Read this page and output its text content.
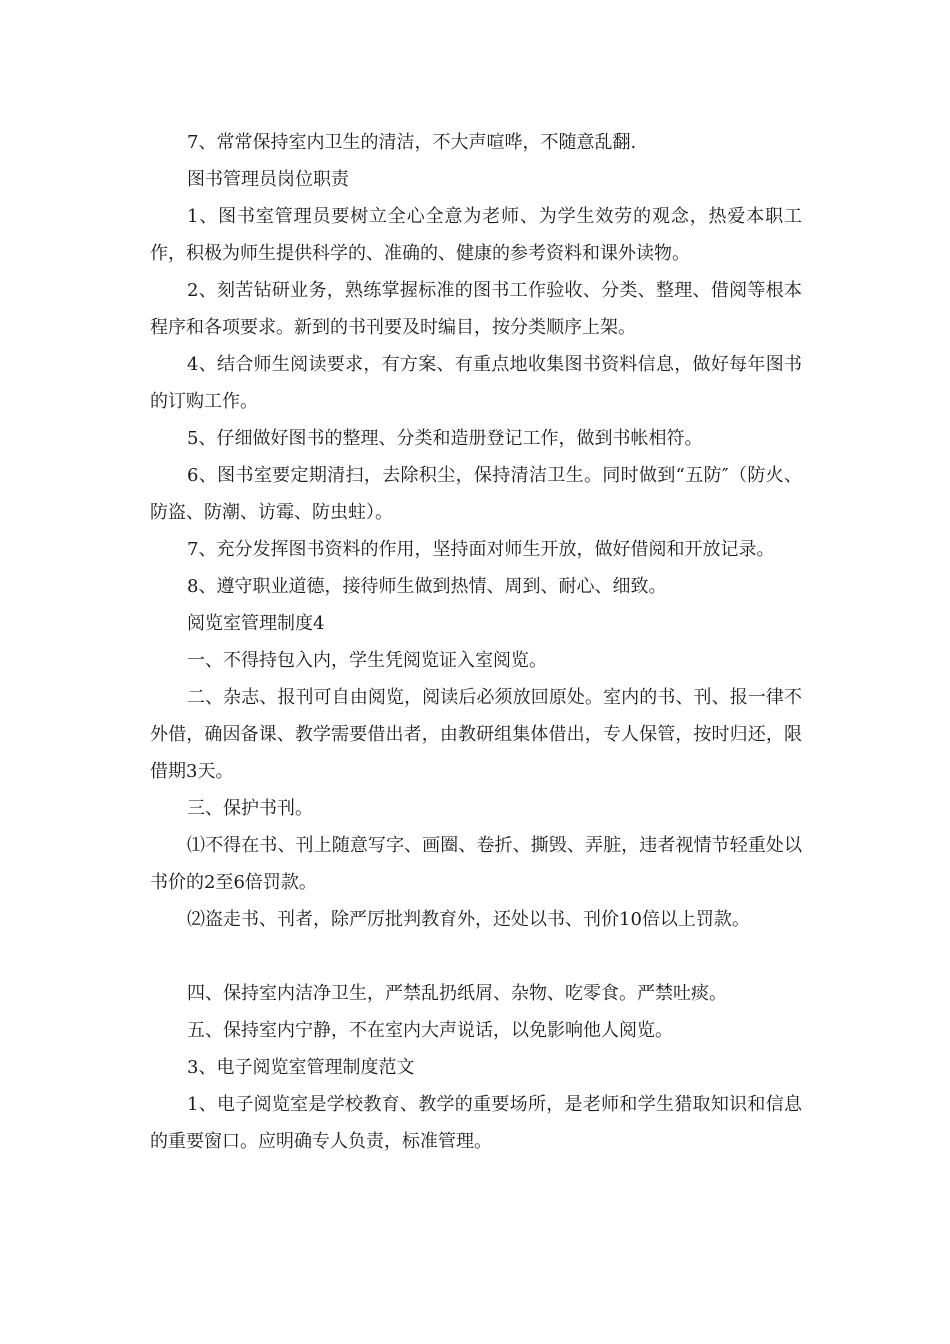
7、常常保持室内卫生的清洁，不大声喧哗，不随意乱翻.

图书管理员岗位职责

1、图书室管理员要树立全心全意为老师、为学生效劳的观念，热爱本职工作，积极为师生提供科学的、准确的、健康的参考资料和课外读物。

2、刻苦钻研业务，熟练掌握标准的图书工作验收、分类、整理、借阅等根本程序和各项要求。新到的书刊要及时编目，按分类顺序上架。

4、结合师生阅读要求，有方案、有重点地收集图书资料信息，做好每年图书的订购工作。

5、仔细做好图书的整理、分类和造册登记工作，做到书帐相符。

6、图书室要定期清扫，去除积尘，保持清洁卫生。同时做到“五防″（防火、防盗、防潮、访霉、防虫蛀）。

7、充分发挥图书资料的作用，坚持面对师生开放，做好借阅和开放记录。

8、遵守职业道德，接待师生做到热情、周到、耐心、细致。

阅览室管理制度4

一、不得持包入内，学生凭阅览证入室阅览。

二、杂志、报刊可自由阅览，阅读后必须放回原处。室内的书、刊、报一律不外借，确因备课、教学需要借出者，由教研组集体借出，专人保管，按时归还，限借期3天。

三、保护书刊。

⑴不得在书、刊上随意写字、画圈、卷折、撕毁、弄脏，违者视情节轻重处以书价的2至6倍罚款。

⑵盗走书、刊者，除严厉批判教育外，还处以书、刊价10倍以上罚款。

四、保持室内洁净卫生，严禁乱扔纸屑、杂物、吃零食。严禁吐痰。

五、保持室内宁静，不在室内大声说话，以免影响他人阅览。

3、电子阅览室管理制度范文

1、电子阅览室是学校教育、教学的重要场所，是老师和学生猎取知识和信息的重要窗口。应明确专人负责，标准管理。
